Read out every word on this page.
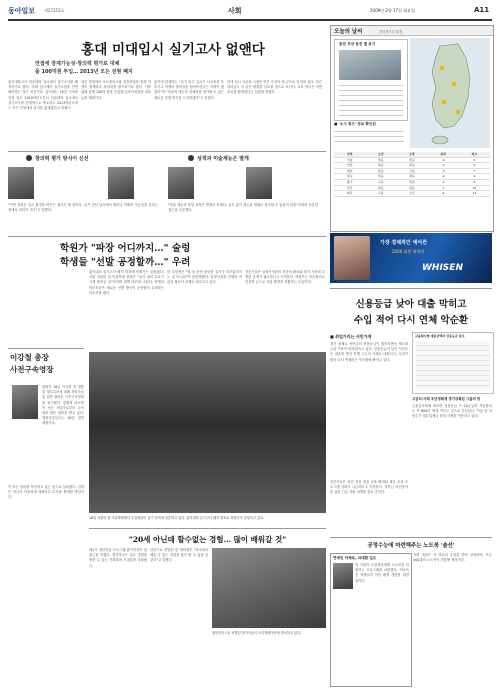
동아일보 제27253호	사회	2009년 2월 17일 화요일	A11
홍대 미대입시 실기고사 없앤다
면접에 잠재가능성·창의력 평가로 대체
올 100억원 투입… 2013년 모든 전형 폐지
홍익대학교가 미술대학 입시에서 실기고사를 폐지하기로 했다. 미대 입시에서 실기시험을 전면 폐지하는 것은 처음이다. 홍익대는 16일 기자회견을 열고 2010학년도부터 미술대학 입시에서 실기고사를 단계적으로 축소하고 2013학년도에는 모든 전형에서 실기를 없애겠다고 밝혔다.
대신 면접에서 포트폴리오와 심층면접을 통해 학생의 잠재력과 창의력을 평가하기로 했다. 이를 위해 올해 100억 원을 투입해 입학사정관을 대폭 늘릴 계획이다.
홍익대 관계자는 "실기 위주 입시가 사교육을 부추기고 학생의 창의성을 떨어뜨린다는 지적이 많았다"며 "미술적 재능과 잠재력을 평가할 수 있는 새로운 전형 방식을 도입하겠다"고 말했다.
미대 입시 사교육 시장은 연간 수천억 원 규모로 알려져 있다. 다른 대학들도 이 같은 변화를 검토할 것으로 보인다. 교육 당국은 이번 조치를 환영한다는 입장을 밝혔다.
창의력 평가 방식이 신선
"이번 결정은 입시 환경을 바꾸는 계기가 될 것이다. 실기 중심 입시에서 벗어나 학생의 가능성을 본다는 점에서 의미가 크다"고 말했다.
성적과 미술재능은 별개
"미술 재능과 학업 성적은 별개의 문제다. 실기 없이 재능을 제대로 평가할 수 있을지 의문"이라며 신중한 접근을 주문했다.
오늘의 날씨	전국적으로 맑음
동전 모양 동전 별 보기
■ '오시 퀴즈' 정보 확인된
지역	오전	오후	최저	최고
서울	맑음	맑음	-4	6
인천	맑음	맑음	-3	5
대전	맑음	구름	-3	7
대구	맑음	맑음	-2	9
광주	구름	맑음	-1	9
부산	맑음	맑음	1	10
제주	구름	흐림	4	11
가장 경제적인 에어컨
2009 휘센 대혁명
WHISEN
학원가 "파장 어디까지…" 술렁
학생들 "선발 공정할까…" 우려
홍익대의 실기고사 폐지 발표에 학원가는 술렁였다. 서울 강남의 한 미술학원 원장은 "실기 대비 수요가 크게 줄어들 것"이라며 대책 마련에 나섰다. 학생과 학부모들은 새로운 선발 방식이 공정할지 우려하는 목소리를 냈다.
한 수험생은 "몇 년 동안 준비한 실기가 쓸모없어지는 것 아니냐"며 불안해했다. 입학사정관 전형의 객관성 확보가 과제로 떠오르고 있다.
전문가들은 입학사정관의 전문성 확보와 평가 기준의 투명한 공개가 필요하다고 지적한다. 학원가는 포트폴리오 컨설팅 등으로 사업 방향을 전환하는 모습이다.
이강철 총장
사전구속영장
검찰은 16일 이강철 전 대통령 정무특보에 대해 정치자금법 위반 혐의로 사전구속영장을 청구했다. 검찰에 따르면 이 씨는 사업가로부터 수억 원을 받은 혐의를 받고 있다. 영장실질심사는 18일 열릴 예정이다.
이 씨는 혐의를 부인하고 있는 것으로 알려졌다. 검찰은 자금의 사용처에 대해서도 수사를 확대할 방침이다.
16일 서울의 한 미술학원에서 수험생들이 실기 준비에 열중하고 있다. 홍익대의 실기고사 폐지 발표로 학원가가 술렁이고 있다.
신용등급 낮아 대출 막히고
수입 적어 다시 연체 악순환
■ 취업가리는 서민가계
경기 침체로 서민들의 신용등급이 떨어지면서 제도권 금융 이용이 어려워지고 있다. 신용등급이 낮은 서민들은 대출을 받지 못해 고금리 사채로 내몰리고, 수입이 줄어 다시 연체하는 악순환에 빠지고 있다.
금융회사별 대출금액과 신용등급 분포
고금리·사채 조년생태계 경기위축된 그들의 빚
금융감독원에 따르면 신용등급 7~10등급의 저신용자는 약 800만 명에 이르는 것으로 추산된다. 이들 중 상당수가 대부업체나 불법 사채를 이용하고 있다.
전문가들은 서민 전용 대출 상품 확대와 채무 조정 프로그램 강화가 시급하다고 지적한다. 정부는 저신용자를 위한 긴급 지원 대책을 검토 중이다.
"20세 아닌데 할수없는 경험… 많이 배워갈 것"
제1기 청년인턴 프로그램 참가자들이 첫 출근을 마쳤다. 참가자들은 실무 경험을 쌓을 수 있는 기회라며 기대감을 나타냈다.
인턴으로 선발된 한 대학생은 "학교에서 배울 수 없는 경험을 많이 할 수 있을 것 같다"고 말했다.
청년인턴으로 선발된 참가자들이 오리엔테이션에 참석하고 있다.
공정수능에 마련해주는 노트북 '솔선'
연예인 자체로, 마대환 입도
한 기업이 수험생들에게 노트북을 지원하는 프로그램을 마련했다. 저소득층 학생들의 학습 환경 개선을 위한 취지다.
지원 대상은 각 학교의 추천을 받아 선정되며, 모두 500대의 노트북이 전달될 예정이다.
